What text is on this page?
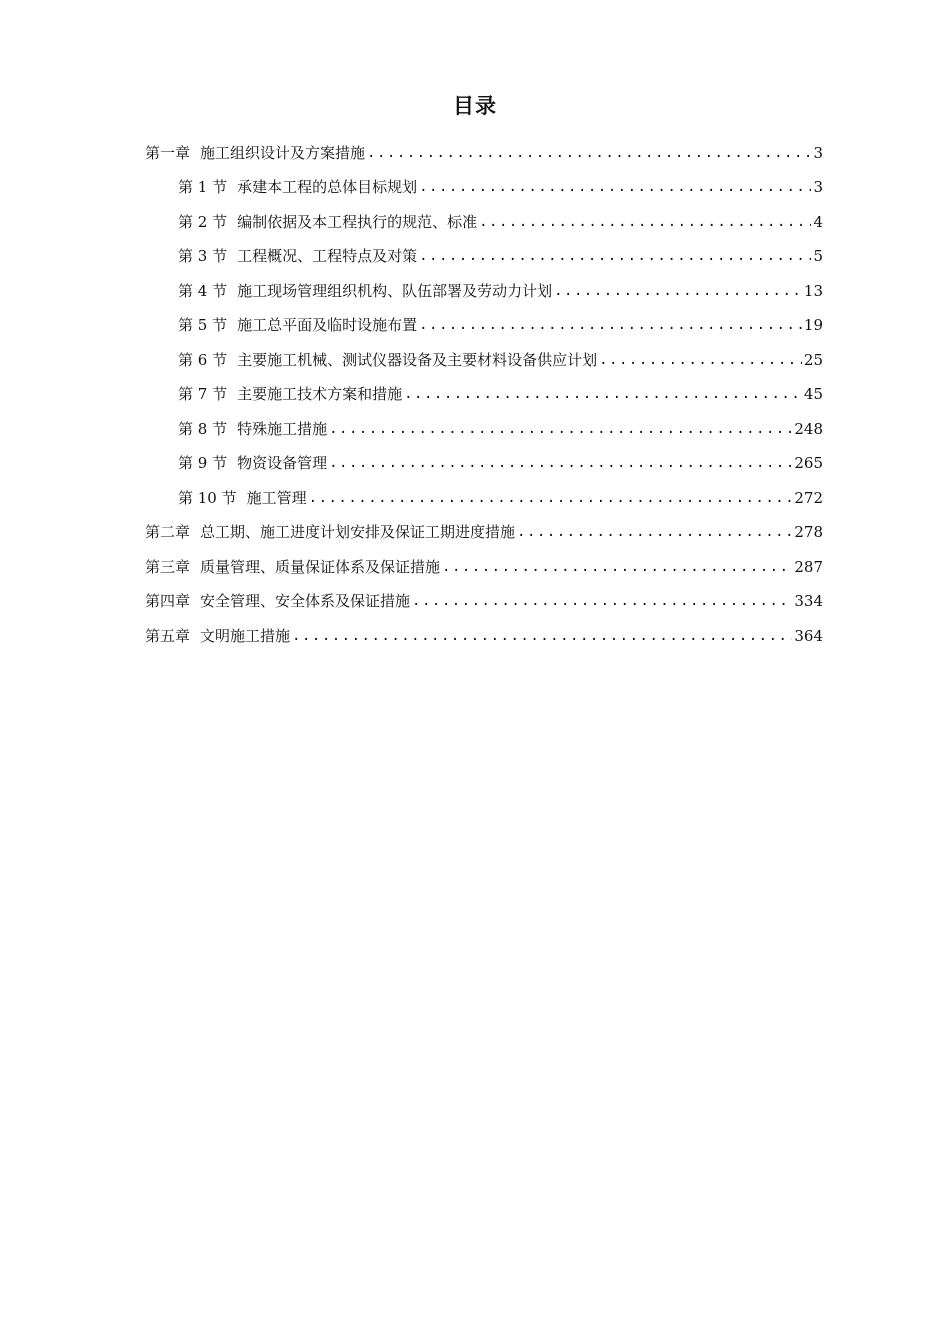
目录
第一章 施工组织设计及方案措施 .....	3
第 1 节 承建本工程的总体目标规划 .....	3
第 2 节 编制依据及本工程执行的规范、标准 .....	4
第 3 节 工程概况、工程特点及对策 .....	5
第 4 节 施工现场管理组织机构、队伍部署及劳动力计划 .....	13
第 5 节 施工总平面及临时设施布置 .....	19
第 6 节 主要施工机械、测试仪器设备及主要材料设备供应计划 .....	25
第 7 节 主要施工技术方案和措施 .....	45
第 8 节 特殊施工措施 .....	248
第 9 节 物资设备管理 .....	265
第 10 节 施工管理 .....	272
第二章 总工期、施工进度计划安排及保证工期进度措施 .....	278
第三章 质量管理、质量保证体系及保证措施 .....	287
第四章 安全管理、安全体系及保证措施 .....	334
第五章 文明施工措施 .....	364
